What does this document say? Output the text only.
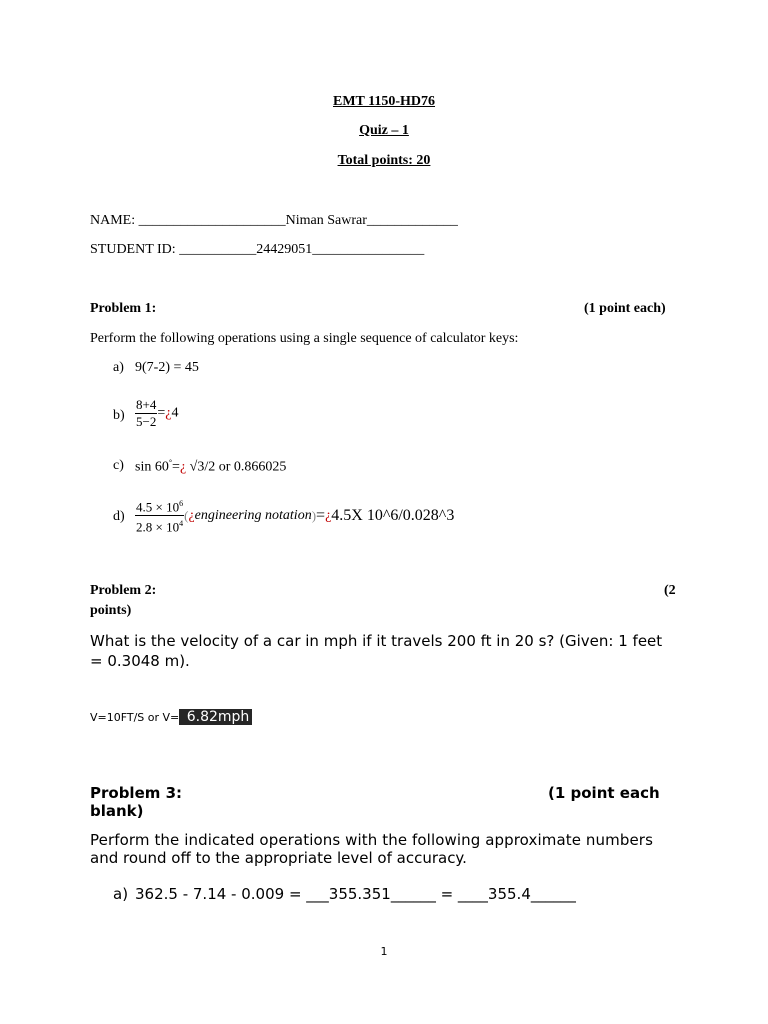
EMT 1150-HD76
Quiz – 1
Total points: 20
NAME: _____________________Niman Sawrar_____________
STUDENT ID: ___________24429051________________
Problem 1:	(1 point each)
Perform the following operations using a single sequence of calculator keys:
a) 9(7-2) = 45
$b) \frac{8+4}{5-2}$ =¿4
c) sin 60°=¿ √3/2 or 0.866025
$d) \frac{4.5 \times 10^6}{2.8 \times 10^4}$ (¿engineering notation)=¿4.5X 10^6/0.028^3
Problem 2:	(2
points)
What is the velocity of a car in mph if it travels 200 ft in 20 s? (Given: 1 feet
= 0.3048 m).
V=10FT/S or V= 6.82mph
Problem 3:	(1 point each
blank)
Perform the indicated operations with the following approximate numbers
and round off to the appropriate level of accuracy.
a) 362.5 - 7.14 - 0.009 = ___355.351______ = ____355.4______
1
